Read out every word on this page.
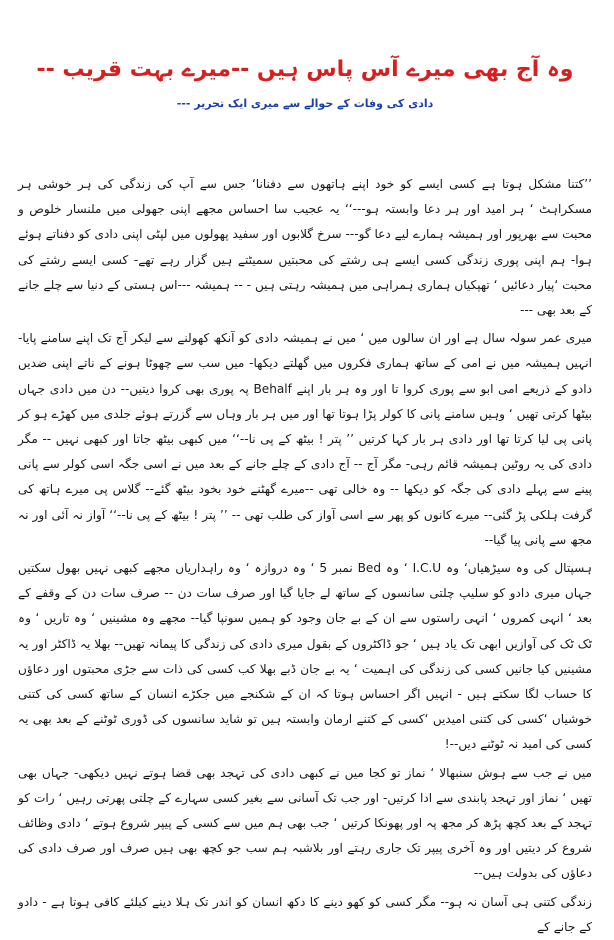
وہ آج بھی میرے آس پاس ہیں --میرے بہت قریب --
دادی کی وفات کے حوالے سے میری ایک تحریر ---

’’کتنا مشکل ہوتا ہے کسی ایسے کو خود اپنے ہاتھوں سے دفنانا‘ جس سے آپ کی زندگی کی ہر خوشی ہر مسکراہٹ ‘ ہر امید اور ہر دعا وابستہ ہو---‘‘ یہ عجیب سا احساس مجھے اپنی جھولی میں ملنسار خلوص و محبت سے بھرپور اور ہمیشہ ہمارے لیے دعا گو--- سرخ گلابوں اور سفید پھولوں میں لپٹی اپنی دادی کو دفناتے ہوئے ہوا- ہم اپنی پوری زندگی کسی ایسے ہی رشتے کی محبتیں سمیٹتے ہیں گزار رہے تھے- کسی ایسے رشتے کی محبت ‘پیار دعائیں ‘ تھپکیاں ہماری ہمراہی میں ہمیشہ رہتی ہیں - -- ہمیشہ ---اس ہستی کے دنیا سے چلے جانے کے بعد بھی ---

میری عمر سولہ سال ہے اور ان سالوں میں ‘ میں نے ہمیشہ دادی کو آنکھ کھولنے سے لیکر آج تک اپنے سامنے پایا- انہیں ہمیشہ میں نے امی کے ساتھ ہماری فکروں میں گھلتے دیکھا- میں سب سے چھوٹا ہونے کے ناتے اپنی ضدیں دادو کے ذریعے امی ابو سے پوری کروا تا اور وہ ہر بار اپنے Behalf پہ پوری بھی کروا دیتیں-- دن میں دادی جہاں بیٹھا کرتی تھیں ‘ وہیں سامنے پانی کا کولر پڑا ہوتا تھا اور میں ہر بار وہاں سے گزرتے ہوئے جلدی میں کھڑے ہو کر پانی پی لیا کرتا تھا اور دادی ہر بار کہا کرتیں ’’ پتر ! بیٹھ کے پی نا--‘‘ میں کبھی بیٹھ جاتا اور کبھی نہیں -- مگر دادی کی یہ روٹین ہمیشہ قائم رہی- مگر آج -- آج دادی کے چلے جانے کے بعد میں نے اسی جگہ اسی کولر سے پانی پینے سے پہلے دادی کی جگہ کو دیکھا -- وہ خالی تھی --میرے گھٹنے خود بخود بیٹھ گئے-- گلاس پی میرے ہاتھ کی گرفت ہلکی پڑ گئی-- میرے کانوں کو پھر سے اسی آواز کی طلب تھی -- ’’ پتر ! بیٹھ کے پی نا--‘‘ آواز نہ آئی اور نہ مجھ سے پانی پیا گیا--

ہسپتال کی وہ سیڑھیاں‘ وہ I.C.U ‘ وہ Bed نمبر 5 ‘ وہ دروازہ ‘ وہ راہداریاں مجھے کبھی نہیں بھول سکتیں جہاں میری دادو کو سلیپ چلتی سانسوں کے ساتھ لے جایا گیا اور صرف سات دن -- صرف سات دن کے وقفے کے بعد ‘ انہی کمروں ‘ انہی راستوں سے ان کے بے جان وجود کو ہمیں سونپا گیا-- مجھے وہ مشینیں ‘ وہ تاریں ‘ وہ ٹک ٹک کی آوازیں ابھی تک یاد ہیں ‘ جو ڈاکٹروں کے بقول میری دادی کی زندگی کا پیمانہ تھیں-- بھلا یہ ڈاکٹر اور یہ مشینیں کیا جانیں کسی کی زندگی کی اہمیت ‘ یہ بے جان ڈبے بھلا کب کسی کی ذات سے جڑی محبتوں اور دعاؤں کا حساب لگا سکتے ہیں - انہیں اگر احساس ہوتا کہ ان کے شکنجے میں جکڑے انسان کے ساتھ کسی کی کتنی خوشیاں ‘کسی کی کتنی امیدیں ‘کسی کے کتنے ارمان وابستہ ہیں تو شاید سانسوں کی ڈوری ٹوٹنے کے بعد بھی یہ کسی کی امید نہ ٹوٹنے دیں--!

میں نے جب سے ہوش سنبھالا ‘ نماز تو کجا میں نے کبھی دادی کی تہجد بھی قضا ہوتے نہیں دیکھی- جہاں بھی تھیں ‘ نماز اور تہجد پابندی سے ادا کرتیں- اور جب تک آسانی سے بغیر کسی سہارے کے چلتی پھرتی رہیں ‘ رات کو تہجد کے بعد کچھ پڑھ کر مجھ پہ اور پھونکا کرتیں ‘ جب بھی ہم میں سے کسی کے پیپر شروع ہوتے ‘ دادی وظائف شروع کر دیتیں اور وہ آخری پیپر تک جاری رہتے اور بلاشبہ ہم سب جو کچھ بھی ہیں صرف اور صرف دادی کی دعاؤں کی بدولت ہیں--

زندگی کتنی ہی آسان نہ ہو-- مگر کسی کو کھو دینے کا دکھ انسان کو اندر تک ہلا دینے کیلئے کافی ہوتا ہے - دادو کے جانے کے
